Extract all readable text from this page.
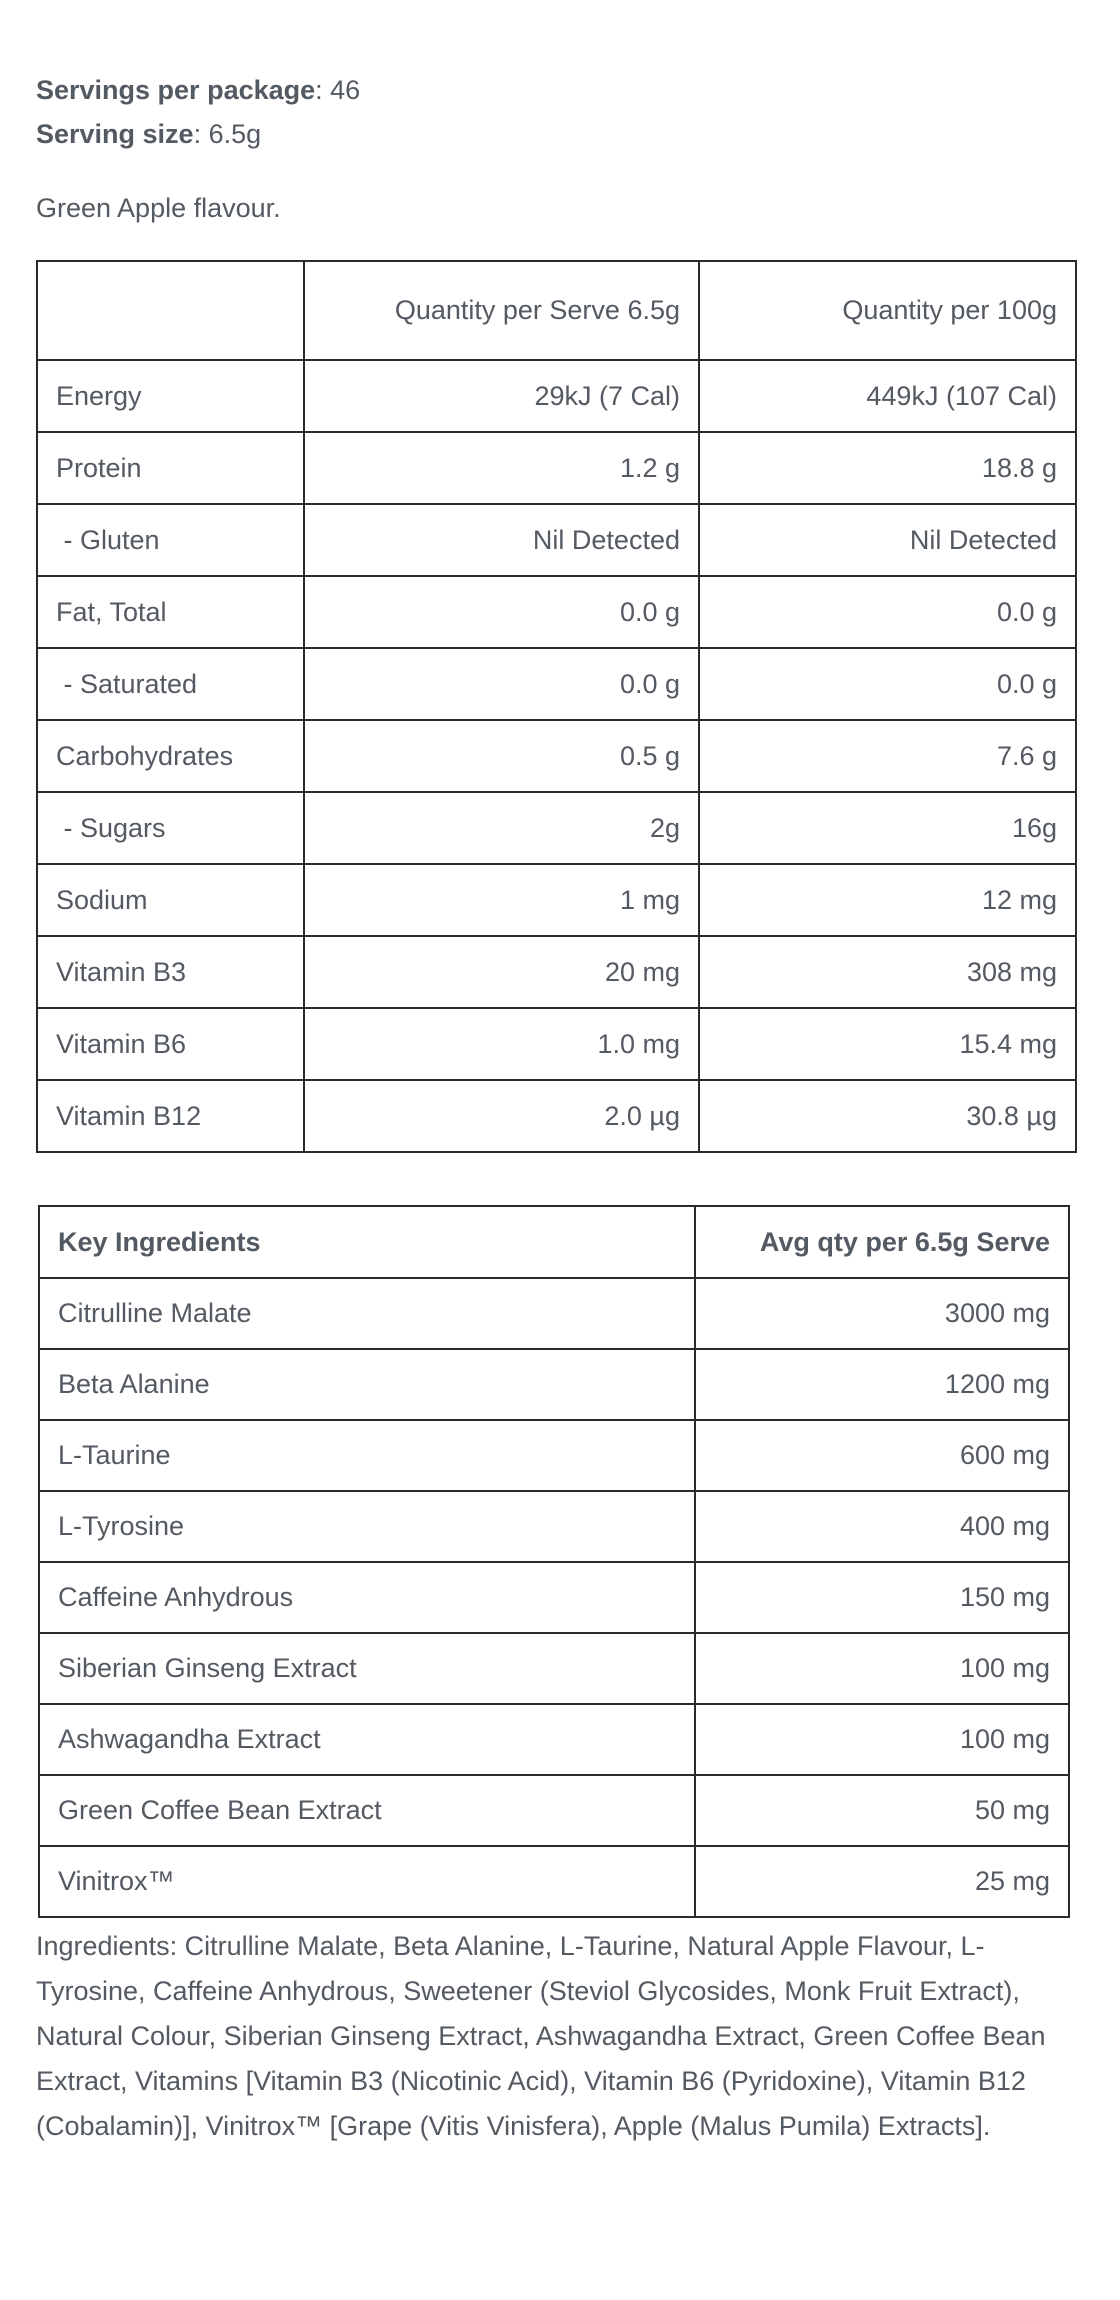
Servings per package: 46
Serving size: 6.5g
Green Apple flavour.
	Quantity per Serve 6.5g	Quantity per 100g
Energy	29kJ (7 Cal)	449kJ (107 Cal)
Protein	1.2 g	18.8 g
- Gluten	Nil Detected	Nil Detected
Fat, Total	0.0 g	0.0 g
- Saturated	0.0 g	0.0 g
Carbohydrates	0.5 g	7.6 g
- Sugars	2g	16g
Sodium	1 mg	12 mg
Vitamin B3	20 mg	308 mg
Vitamin B6	1.0 mg	15.4 mg
Vitamin B12	2.0 µg	30.8 µg
Key Ingredients	Avg qty per 6.5g Serve
Citrulline Malate	3000 mg
Beta Alanine	1200 mg
L-Taurine	600 mg
L-Tyrosine	400 mg
Caffeine Anhydrous	150 mg
Siberian Ginseng Extract	100 mg
Ashwagandha Extract	100 mg
Green Coffee Bean Extract	50 mg
Vinitrox™	25 mg
Ingredients: Citrulline Malate, Beta Alanine, L-Taurine, Natural Apple Flavour, L-Tyrosine, Caffeine Anhydrous, Sweetener (Steviol Glycosides, Monk Fruit Extract), Natural Colour, Siberian Ginseng Extract, Ashwagandha Extract, Green Coffee Bean Extract, Vitamins [Vitamin B3 (Nicotinic Acid), Vitamin B6 (Pyridoxine), Vitamin B12 (Cobalamin)], Vinitrox™ [Grape (Vitis Vinisfera), Apple (Malus Pumila) Extracts].
